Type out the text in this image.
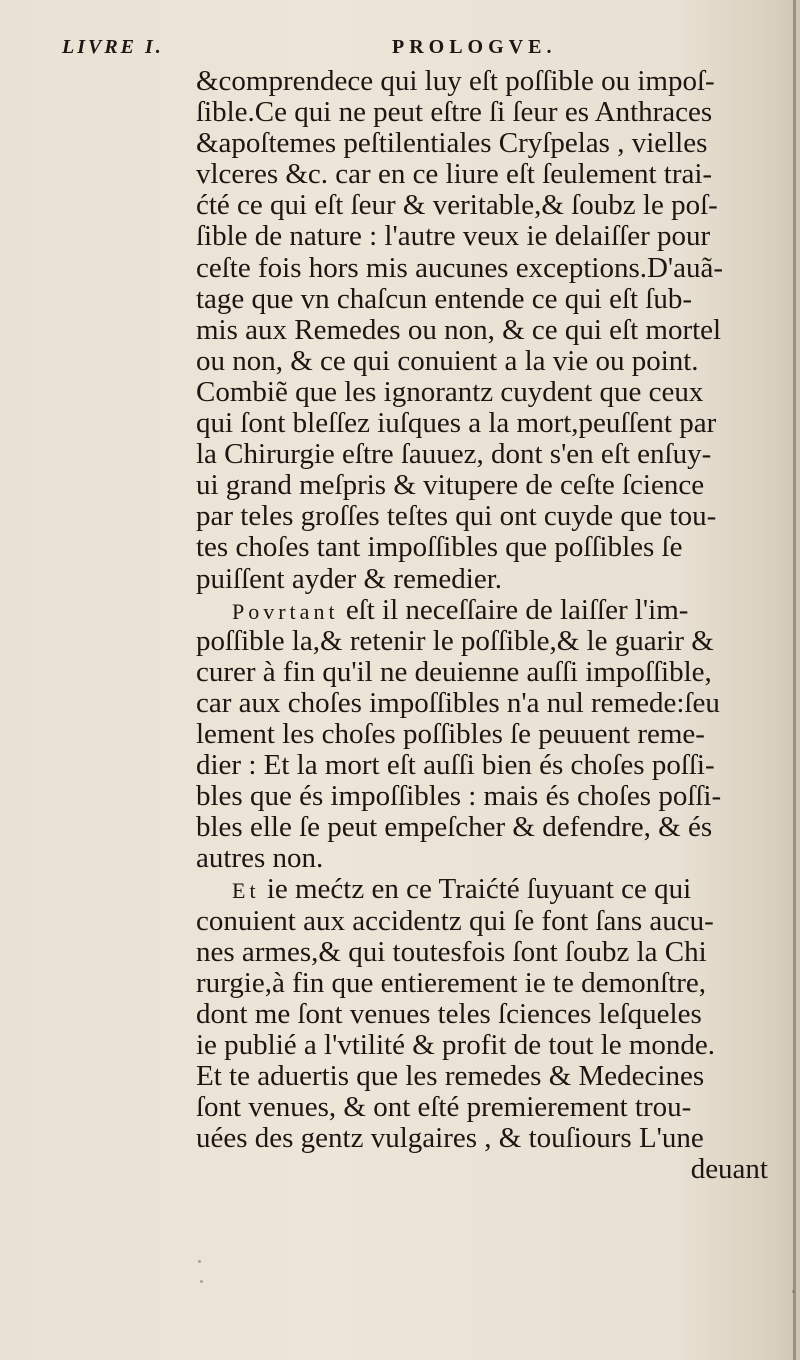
LIVRE I.	PROLOGVE.
&comprendece qui luy eſt poſſible ou impoſ-
ſible.Ce qui ne peut eſtre ſi ſeur es Anthraces
&apoſtemes peſtilentiales Cryſpelas , vielles
vlceres &c. car en ce liure eſt ſeulement trai-
ćté ce qui eſt ſeur & veritable,& ſoubz le poſ-
ſible de nature : l'autre veux ie delaiſſer pour
ceſte fois hors mis aucunes exceptions.D'auã-
tage que vn chaſcun entende ce qui eſt ſub-
mis aux Remedes ou non, & ce qui eſt mortel
ou non, & ce qui conuient a la vie ou point.
Combiẽ que les ignorantz cuydent que ceux
qui ſont bleſſez iuſques a la mort,peuſſent par
la Chirurgie eſtre ſauuez, dont s'en eſt enſuy-
ui grand meſpris & vitupere de ceſte ſcience
par teles groſſes teſtes qui ont cuyde que tou-
tes choſes tant impoſſibles que poſſibles ſe
puiſſent ayder & remedier.
Povrtant eſt il neceſſaire de laiſſer l'im-
poſſible la,& retenir le poſſible,& le guarir &
curer à fin qu'il ne deuienne auſſi impoſſible,
car aux choſes impoſſibles n'a nul remede:ſeu
lement les choſes poſſibles ſe peuuent reme-
dier : Et la mort eſt auſſi bien és choſes poſſi-
bles que és impoſſibles : mais és choſes poſſi-
bles elle ſe peut empeſcher & defendre, & és
autres non.
Et ie mećtz en ce Traićté ſuyuant ce qui
conuient aux accidentz qui ſe font ſans aucu-
nes armes,& qui toutesfois ſont ſoubz la Chi
rurgie,à fin que entierement ie te demonſtre,
dont me ſont venues teles ſciences leſqueles
ie publié a l'vtilité & profit de tout le monde.
Et te aduertis que les remedes & Medecines
ſont venues, & ont eſté premierement trou-
uées des gentz vulgaires , & touſiours L'une
deuant
